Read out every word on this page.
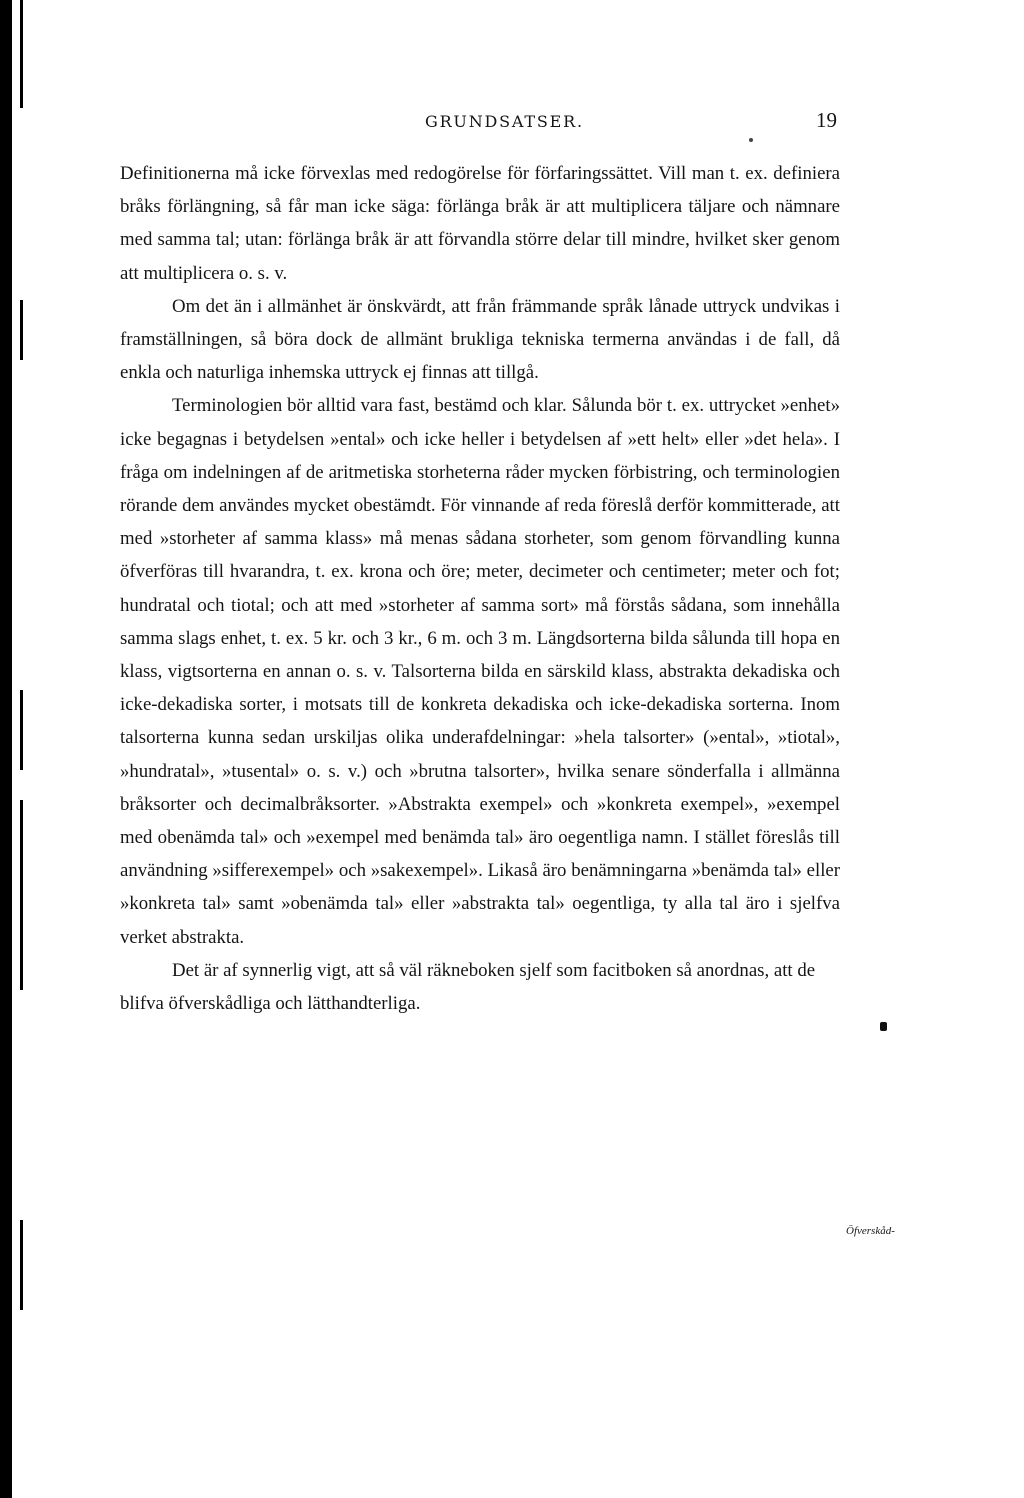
GRUNDSATSER.	19

Definitionerna må icke förvexlas med redogörelse för förfaringssättet. Vill man t. ex. definiera bråks förlängning, så får man icke säga: förlänga bråk är att multiplicera täljare och nämnare med samma tal; utan: förlänga bråk är att förvandla större delar till mindre, hvilket sker genom att multiplicera o. s. v.

Om det än i allmänhet är önskvärdt, att från främmande språk lånade uttryck undvikas i framställningen, så böra dock de allmänt brukliga tekniska termerna användas i de fall, då enkla och naturliga inhemska uttryck ej finnas att tillgå.

Terminologien bör alltid vara fast, bestämd och klar. Sålunda bör t. ex. uttrycket »enhet» icke begagnas i betydelsen »ental» och icke heller i betydelsen af »ett helt» eller »det hela». I fråga om indelningen af de aritmetiska storheterna råder mycken förbistring, och terminologien rörande dem användes mycket obestämdt. För vinnande af reda föreslå derför kommitterade, att med »storheter af samma klass» må menas sådana storheter, som genom förvandling kunna öfverföras till hvarandra, t. ex. krona och öre; meter, decimeter och centimeter; meter och fot; hundratal och tiotal; och att med »storheter af samma sort» må förstås sådana, som innehålla samma slags enhet, t. ex. 5 kr. och 3 kr., 6 m. och 3 m. Längdsorterna bilda sålunda till hopa en klass, vigtsorterna en annan o. s. v. Talsorterna bilda en särskild klass, abstrakta dekadiska och icke-dekadiska sorter, i motsats till de konkreta dekadiska och icke-dekadiska sorterna. Inom talsorterna kunna sedan urskiljas olika underafdelningar: »hela talsorter» (»ental», »tiotal», »hundratal», »tusental» o. s. v.) och »brutna talsorter», hvilka senare sönderfalla i allmänna bråksorter och decimalbråksorter. »Abstrakta exempel» och »konkreta exempel», »exempel med obenämda tal» och »exempel med benämda tal» äro oegentliga namn. I stället föreslås till användning »sifferexempel» och »sakexempel». Likaså äro benämningarna »benämda tal» eller »konkreta tal» samt »obenämda tal» eller »abstrakta tal» oegentliga, ty alla tal äro i sjelfva verket abstrakta.

Det är af synnerlig vigt, att så väl räkneboken sjelf som facitboken så anordnas, att de blifva öfverskådliga och lätthandterliga.

Öfverskåd-
